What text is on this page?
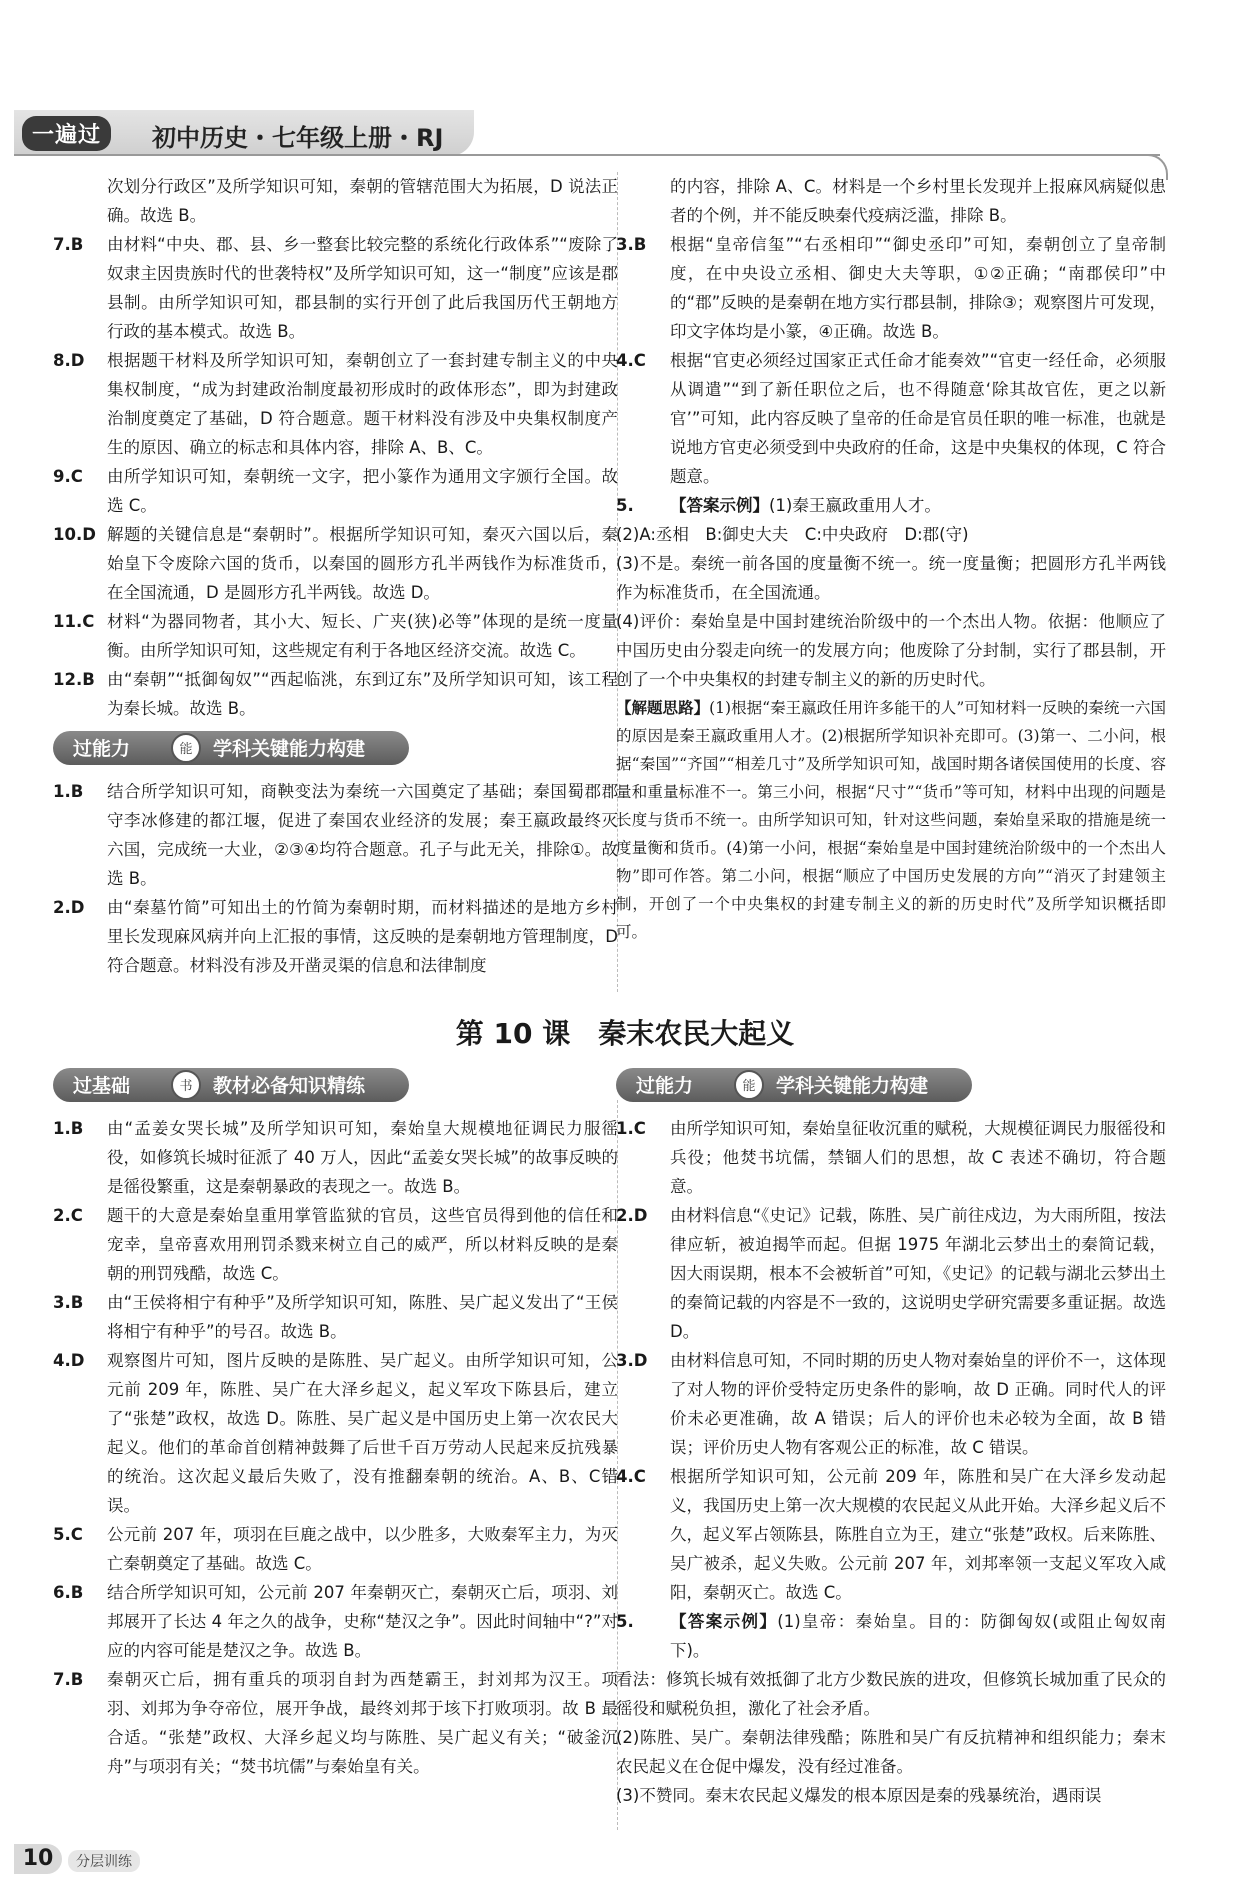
一遍过	初中历史・七年级上册・RJ
次划分行政区”及所学知识可知，秦朝的管辖范围大为拓展，D 说法正确。故选 B。
7.B	由材料“中央、郡、县、乡一整套比较完整的系统化行政体系”“废除了奴隶主因贵族时代的世袭特权”及所学知识可知，这一“制度”应该是郡县制。由所学知识可知，郡县制的实行开创了此后我国历代王朝地方行政的基本模式。故选 B。
8.D	根据题干材料及所学知识可知，秦朝创立了一套封建专制主义的中央集权制度，“成为封建政治制度最初形成时的政体形态”，即为封建政治制度奠定了基础，D 符合题意。题干材料没有涉及中央集权制度产生的原因、确立的标志和具体内容，排除 A、B、C。
9.C	由所学知识可知，秦朝统一文字，把小篆作为通用文字颁行全国。故选 C。
10.D 解题的关键信息是“秦朝时”。根据所学知识可知，秦灭六国以后，秦始皇下令废除六国的货币，以秦国的圆形方孔半两钱作为标准货币，在全国流通，D 是圆形方孔半两钱。故选 D。
11.C 材料“为器同物者，其小大、短长、广夹(狭)必等”体现的是统一度量衡。由所学知识可知，这些规定有利于各地区经济交流。故选 C。
12.B 由“秦朝”“抵御匈奴”“西起临洮，东到辽东”及所学知识可知，该工程为秦长城。故选 B。
过能力	能	学科关键能力构建
1.B	结合所学知识可知，商鞅变法为秦统一六国奠定了基础；秦国蜀郡郡守李冰修建的都江堰，促进了秦国农业经济的发展；秦王嬴政最终灭六国，完成统一大业，②③④均符合题意。孔子与此无关，排除①。故选 B。
2.D	由“秦墓竹简”可知出土的竹简为秦朝时期，而材料描述的是地方乡村里长发现麻风病并向上汇报的事情，这反映的是秦朝地方管理制度，D 符合题意。材料没有涉及开凿灵渠的信息和法律制度
的内容，排除 A、C。材料是一个乡村里长发现并上报麻风病疑似患者的个例，并不能反映秦代疫病泛滥，排除 B。
3.B	根据“皇帝信玺”“右丞相印”“御史丞印”可知，秦朝创立了皇帝制度，在中央设立丞相、御史大夫等职，①②正确；“南郡侯印”中的“郡”反映的是秦朝在地方实行郡县制，排除③；观察图片可发现，印文字体均是小篆，④正确。故选 B。
4.C	根据“官吏必须经过国家正式任命才能奏效”“官吏一经任命，必须服从调遣”“到了新任职位之后，也不得随意‘除其故官佐，更之以新官’”可知，此内容反映了皇帝的任命是官员任职的唯一标准，也就是说地方官吏必须受到中央政府的任命，这是中央集权的体现，C 符合题意。
5.	【答案示例】(1)秦王嬴政重用人才。
(2)A:丞相　B:御史大夫　C:中央政府　D:郡(守)
(3)不是。秦统一前各国的度量衡不统一。统一度量衡；把圆形方孔半两钱作为标准货币，在全国流通。
(4)评价：秦始皇是中国封建统治阶级中的一个杰出人物。依据：他顺应了中国历史由分裂走向统一的发展方向；他废除了分封制，实行了郡县制，开创了一个中央集权的封建专制主义的新的历史时代。
【解题思路】(1)根据“秦王嬴政任用许多能干的人”可知材料一反映的秦统一六国的原因是秦王嬴政重用人才。(2)根据所学知识补充即可。(3)第一、二小问，根据“秦国”“齐国”“相差几寸”及所学知识可知，战国时期各诸侯国使用的长度、容量和重量标准不一。第三小问，根据“尺寸”“货币”等可知，材料中出现的问题是长度与货币不统一。由所学知识可知，针对这些问题，秦始皇采取的措施是统一度量衡和货币。(4)第一小问，根据“秦始皇是中国封建统治阶级中的一个杰出人物”即可作答。第二小问，根据“顺应了中国历史发展的方向”“消灭了封建领主制，开创了一个中央集权的封建专制主义的新的历史时代”及所学知识概括即可。
第 10 课　秦末农民大起义
过基础	书	教材必备知识精练
1.B	由“孟姜女哭长城”及所学知识可知，秦始皇大规模地征调民力服徭役，如修筑长城时征派了 40 万人，因此“孟姜女哭长城”的故事反映的是徭役繁重，这是秦朝暴政的表现之一。故选 B。
2.C	题干的大意是秦始皇重用掌管监狱的官员，这些官员得到他的信任和宠幸，皇帝喜欢用刑罚杀戮来树立自己的威严，所以材料反映的是秦朝的刑罚残酷，故选 C。
3.B	由“王侯将相宁有种乎”及所学知识可知，陈胜、吴广起义发出了“王侯将相宁有种乎”的号召。故选 B。
4.D	观察图片可知，图片反映的是陈胜、吴广起义。由所学知识可知，公元前 209 年，陈胜、吴广在大泽乡起义，起义军攻下陈县后，建立了“张楚”政权，故选 D。陈胜、吴广起义是中国历史上第一次农民大起义。他们的革命首创精神鼓舞了后世千百万劳动人民起来反抗残暴的统治。这次起义最后失败了，没有推翻秦朝的统治。A、B、C错误。
5.C	公元前 207 年，项羽在巨鹿之战中，以少胜多，大败秦军主力，为灭亡秦朝奠定了基础。故选 C。
6.B	结合所学知识可知，公元前 207 年秦朝灭亡，秦朝灭亡后，项羽、刘邦展开了长达 4 年之久的战争，史称“楚汉之争”。因此时间轴中“?”对应的内容可能是楚汉之争。故选 B。
7.B	秦朝灭亡后，拥有重兵的项羽自封为西楚霸王，封刘邦为汉王。项羽、刘邦为争夺帝位，展开争战，最终刘邦于垓下打败项羽。故 B 最合适。“张楚”政权、大泽乡起义均与陈胜、吴广起义有关；“破釜沉舟”与项羽有关；“焚书坑儒”与秦始皇有关。
过能力	能	学科关键能力构建
1.C	由所学知识可知，秦始皇征收沉重的赋税，大规模征调民力服徭役和兵役；他焚书坑儒，禁锢人们的思想，故 C 表述不确切，符合题意。
2.D	由材料信息“《史记》记载，陈胜、吴广前往戍边，为大雨所阻，按法律应斩，被迫揭竿而起。但据 1975 年湖北云梦出土的秦简记载，因大雨误期，根本不会被斩首”可知，《史记》的记载与湖北云梦出土的秦简记载的内容是不一致的，这说明史学研究需要多重证据。故选 D。
3.D	由材料信息可知，不同时期的历史人物对秦始皇的评价不一，这体现了对人物的评价受特定历史条件的影响，故 D 正确。同时代人的评价未必更准确，故 A 错误；后人的评价也未必较为全面，故 B 错误；评价历史人物有客观公正的标准，故 C 错误。
4.C	根据所学知识可知，公元前 209 年，陈胜和吴广在大泽乡发动起义，我国历史上第一次大规模的农民起义从此开始。大泽乡起义后不久，起义军占领陈县，陈胜自立为王，建立“张楚”政权。后来陈胜、吴广被杀，起义失败。公元前 207 年，刘邦率领一支起义军攻入咸阳，秦朝灭亡。故选 C。
5.	【答案示例】(1)皇帝：秦始皇。目的：防御匈奴(或阻止匈奴南下)。
看法：修筑长城有效抵御了北方少数民族的进攻，但修筑长城加重了民众的徭役和赋税负担，激化了社会矛盾。
(2)陈胜、吴广。秦朝法律残酷；陈胜和吴广有反抗精神和组织能力；秦末农民起义在仓促中爆发，没有经过准备。
(3)不赞同。秦末农民起义爆发的根本原因是秦的残暴统治，遇雨误
10	分层训练
